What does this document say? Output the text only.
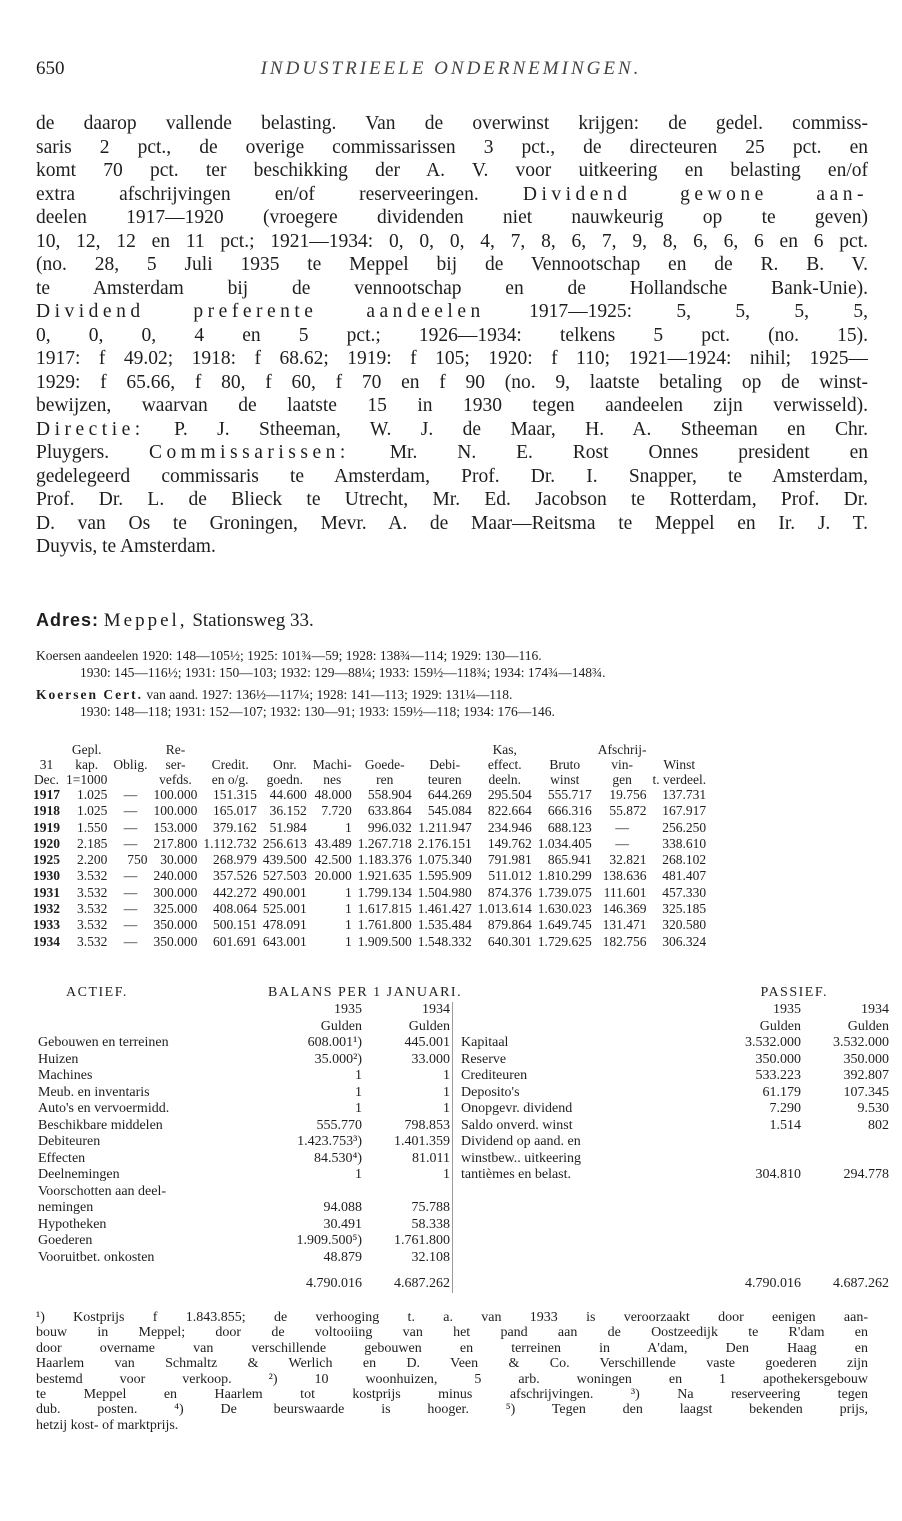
650	INDUSTRIEELE ONDERNEMINGEN.
de daarop vallende belasting. Van de overwinst krijgen: de gedel. commiss-
saris 2 pct., de overige commissarissen 3 pct., de directeuren 25 pct. en
komt 70 pct. ter beschikking der A. V. voor uitkeering en belasting en/of
extra afschrijvingen en/of reserveeringen. Dividend gewone aan-
deelen 1917—1920 (vroegere dividenden niet nauwkeurig op te geven)
10, 12, 12 en 11 pct.; 1921—1934: 0, 0, 0, 4, 7, 8, 6, 7, 9, 8, 6, 6, 6 en 6 pct.
(no. 28, 5 Juli 1935 te Meppel bij de Vennootschap en de R. B. V.
te Amsterdam bij de vennootschap en de Hollandsche Bank-Unie).
Dividend preferente aandeelen 1917—1925: 5, 5, 5, 5,
0, 0, 0, 4 en 5 pct.; 1926—1934: telkens 5 pct. (no. 15).
1917: f 49.02; 1918: f 68.62; 1919: f 105; 1920: f 110; 1921—1924: nihil; 1925—
1929: f 65.66, f 80, f 60, f 70 en f 90 (no. 9, laatste betaling op de winst-
bewijzen, waarvan de laatste 15 in 1930 tegen aandeelen zijn verwisseld).
Directie: P. J. Stheeman, W. J. de Maar, H. A. Stheeman en Chr.
Pluygers. Commissarissen: Mr. N. E. Rost Onnes president en
gedelegeerd commissaris te Amsterdam, Prof. Dr. I. Snapper, te Amsterdam,
Prof. Dr. L. de Blieck te Utrecht, Mr. Ed. Jacobson te Rotterdam, Prof. Dr.
D. van Os te Groningen, Mevr. A. de Maar—Reitsma te Meppel en Ir. J. T.
Duyvis, te Amsterdam.
Adres: Meppel, Stationsweg 33.
Koersen aandeelen 1920: 148—105½; 1925: 101¾—59; 1928: 138¾—114; 1929: 130—116.
1930: 145—116½; 1931: 150—103; 1932: 129—88¼; 1933: 159½—118¾; 1934: 174¾—148¾.
Koersen Cert. van aand. 1927: 136½—117¼; 1928: 141—113; 1929: 131¼—118.
1930: 148—118; 1931: 152—107; 1932: 130—91; 1933: 159½—118; 1934: 176—146.
	Gepl.		Re-						Kas,		Afschrij-	
31	kap.	Oblig.	ser-	Credit.	Onr.	Machi-	Goede-	Debi-	effect.	Bruto	vin-	Winst
Dec.	1=1000		vefds.	en o/g.	goedn.	nes	ren	teuren	deeln.	winst	gen	t. verdeel.
1917	1.025	—	100.000	151.315	44.600	48.000	558.904	644.269	295.504	555.717	19.756	137.731
1918	1.025	—	100.000	165.017	36.152	7.720	633.864	545.084	822.664	666.316	55.872	167.917
1919	1.550	—	153.000	379.162	51.984	1	996.032	1.211.947	234.946	688.123	—	256.250
1920	2.185	—	217.800	1.112.732	256.613	43.489	1.267.718	2.176.151	149.762	1.034.405	—	338.610
1925	2.200	750	30.000	268.979	439.500	42.500	1.183.376	1.075.340	791.981	865.941	32.821	268.102
1930	3.532	—	240.000	357.526	527.503	20.000	1.921.635	1.595.909	511.012	1.810.299	138.636	481.407
1931	3.532	—	300.000	442.272	490.001	1	1.799.134	1.504.980	874.376	1.739.075	111.601	457.330
1932	3.532	—	325.000	408.064	525.001	1	1.617.815	1.461.427	1.013.614	1.630.023	146.369	325.185
1933	3.532	—	350.000	500.151	478.091	1	1.761.800	1.535.484	879.864	1.649.745	131.471	320.580
1934	3.532	—	350.000	601.691	643.001	1	1.909.500	1.548.332	640.301	1.729.625	182.756	306.324
ACTIEF.	BALANS PER 1 JANUARI.	PASSIEF.
	1935	1934			1935	1934
	Gulden	Gulden			Gulden	Gulden
Gebouwen en terreinen	608.001¹)	445.001		Kapitaal	3.532.000	3.532.000
Huizen	35.000²)	33.000		Reserve	350.000	350.000
Machines	1	1		Crediteuren	533.223	392.807
Meub. en inventaris	1	1		Deposito's	61.179	107.345
Auto's en vervoermidd.	1	1		Onopgevr. dividend	7.290	9.530
Beschikbare middelen	555.770	798.853		Saldo onverd. winst	1.514	802
Debiteuren	1.423.753³)	1.401.359		Dividend op aand. en		
Effecten	84.530⁴)	81.011		winstbew.. uitkeering		
Deelnemingen	1	1		tantièmes en belast.	304.810	294.778
Voorschotten aan deel-						
nemingen	94.088	75.788				
Hypotheken	30.491	58.338				
Goederen	1.909.500⁵)	1.761.800				
Vooruitbet. onkosten	48.879	32.108				
	4.790.016	4.687.262			4.790.016	4.687.262
¹) Kostprijs f 1.843.855; de verhooging t. a. van 1933 is veroorzaakt door eenigen aan-
bouw in Meppel; door de voltooiing van het pand aan de Oostzeedijk te R'dam en
door overname van verschillende gebouwen en terreinen in A'dam, Den Haag en
Haarlem van Schmaltz & Werlich en D. Veen & Co. Verschillende vaste goederen zijn
bestemd voor verkoop. ²) 10 woonhuizen, 5 arb. woningen en 1 apothekersgebouw
te Meppel en Haarlem tot kostprijs minus afschrijvingen. ³) Na reserveering tegen
dub. posten. ⁴) De beurswaarde is hooger. ⁵) Tegen den laagst bekenden prijs,
hetzij kost- of marktprijs.
